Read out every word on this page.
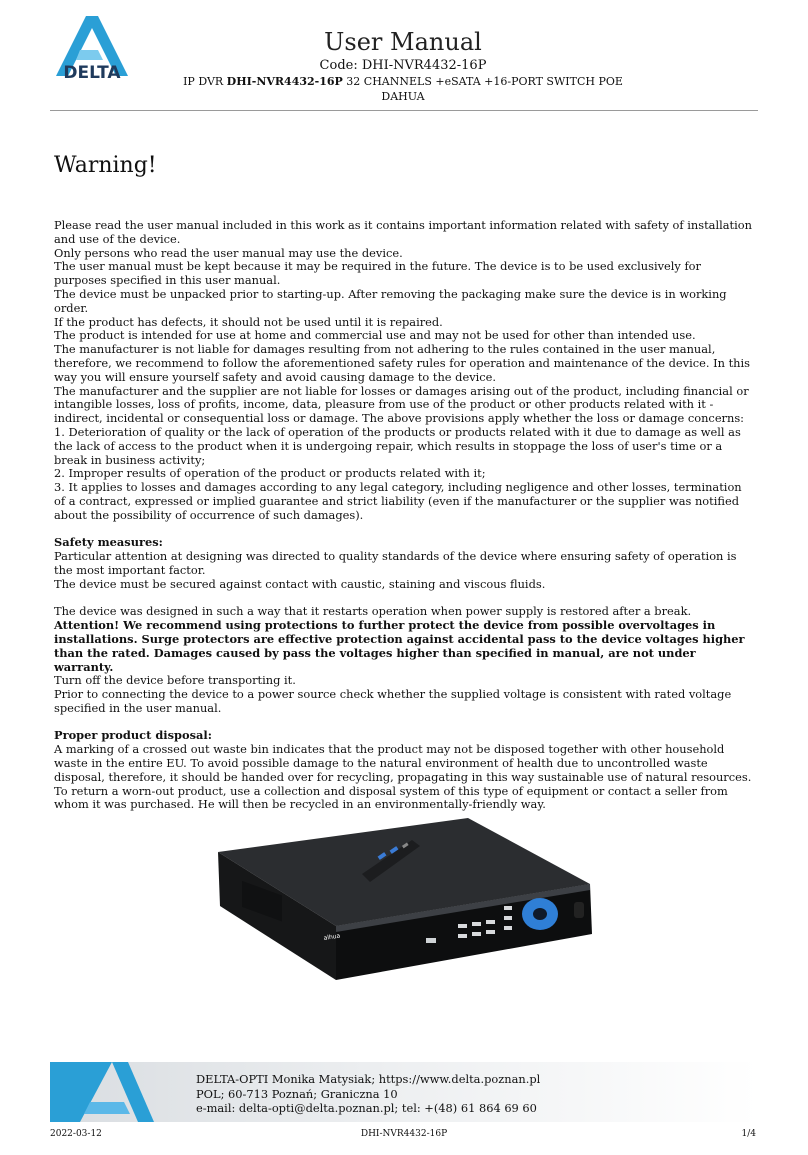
DELTA
User Manual
Code: DHI-NVR4432-16P
IP DVR DHI-NVR4432-16P 32 CHANNELS +eSATA +16-PORT SWITCH POE DAHUA
Warning!

Please read the user manual included in this work as it contains important information related with safety of installation and use of the device.

Only persons who read the user manual may use the device.

The user manual must be kept because it may be required in the future. The device is to be used exclusively for purposes specified in this user manual.

The device must be unpacked prior to starting-up. After removing the packaging make sure the device is in working order.

If the product has defects, it should not be used until it is repaired.

The product is intended for use at home and commercial use and may not be used for other than intended use.

The manufacturer is not liable for damages resulting from not adhering to the rules contained in the user manual, therefore, we recommend to follow the aforementioned safety rules for operation and maintenance of the device. In this way you will ensure yourself safety and avoid causing damage to the device.

The manufacturer and the supplier are not liable for losses or damages arising out of the product, including financial or intangible losses, loss of profits, income, data, pleasure from use of the product or other products related with it - indirect, incidental or consequential loss or damage. The above provisions apply whether the loss or damage concerns:

1. Deterioration of quality or the lack of operation of the products or products related with it due to damage as well as the lack of access to the product when it is undergoing repair, which results in stoppage the loss of user's time or a break in business activity;

2. Improper results of operation of the product or products related with it;

3. It applies to losses and damages according to any legal category, including negligence and other losses, termination of a contract, expressed or implied guarantee and strict liability (even if the manufacturer or the supplier was notified about the possibility of occurrence of such damages).

Safety measures:

Particular attention at designing was directed to quality standards of the device where ensuring safety of operation is the most important factor.

The device must be secured against contact with caustic, staining and viscous fluids.

The device was designed in such a way that it restarts operation when power supply is restored after a break.

Attention! We recommend using protections to further protect the device from possible overvoltages in installations. Surge protectors are effective protection against accidental pass to the device voltages higher than the rated. Damages caused by pass the voltages higher than specified in manual, are not under warranty.

Turn off the device before transporting it.

Prior to connecting the device to a power source check whether the supplied voltage is consistent with rated voltage specified in the user manual.

Proper product disposal:

A marking of a crossed out waste bin indicates that the product may not be disposed together with other household waste in the entire EU. To avoid possible damage to the natural environment of health due to uncontrolled waste disposal, therefore, it should be handed over for recycling, propagating in this way sustainable use of natural resources.

To return a worn-out product, use a collection and disposal system of this type of equipment or contact a seller from whom it was purchased. He will then be recycled in an environmentally-friendly way.

alhua
DELTA-OPTI Monika Matysiak; https://www.delta.poznan.pl
POL; 60-713 Poznań; Graniczna 10
e-mail: delta-opti@delta.poznan.pl; tel: +(48) 61 864 69 60
2022-03-12	DHI-NVR4432-16P	1/4
